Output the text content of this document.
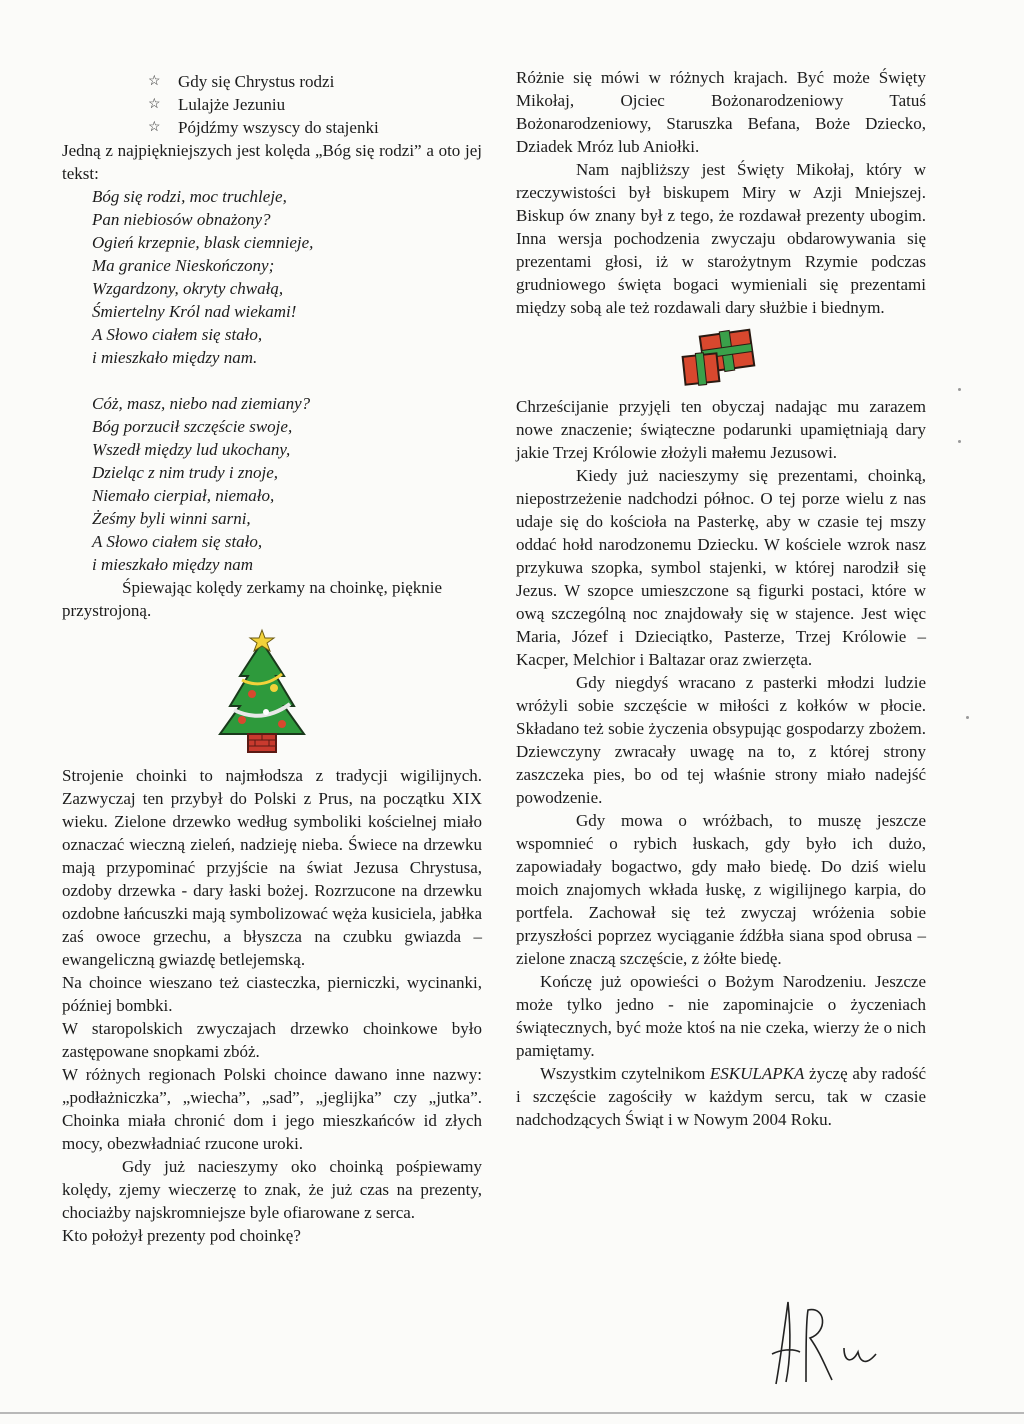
☆ Gdy się Chrystus rodzi
☆ Lulajże Jezuniu
☆ Pójdźmy wszyscy do stajenki

Jedną z najpiękniejszych jest kolęda „Bóg się rodzi” a oto jej tekst:

Bóg się rodzi, moc truchleje,

Pan niebiosów obnażony?

Ogień krzepnie, blask ciemnieje,

Ma granice Nieskończony;

Wzgardzony, okryty chwałą,

Śmiertelny Król nad wiekami!

A Słowo ciałem się stało,

i mieszkało między nam.

Cóż, masz, niebo nad ziemiany?

Bóg porzucił szczęście swoje,

Wszedł między lud ukochany,

Dzieląc z nim trudy i znoje,

Niemało cierpiał, niemało,

Żeśmy byli winni sarni,

A Słowo ciałem się stało,

i mieszkało między nam

Śpiewając kolędy zerkamy na choinkę, pięknie przystrojoną.

Strojenie choinki to najmłodsza z tradycji wigilijnych. Zazwyczaj ten przybył do Polski z Prus, na początku XIX wieku. Zielone drzewko według symboliki kościelnej miało oznaczać wieczną zieleń, nadzieję nieba. Świece na drzewku mają przypominać przyjście na świat Jezusa Chrystusa, ozdoby drzewka - dary łaski bożej. Rozrzucone na drzewku ozdobne łańcuszki mają symbolizować węża kusiciela, jabłka zaś owoce grzechu, a błyszcza na czubku gwiazda – ewangeliczną gwiazdę betlejemską.

Na choince wieszano też ciasteczka, pierniczki, wycinanki, później bombki.

W staropolskich zwyczajach drzewko choinkowe było zastępowane snopkami zbóż.

W różnych regionach Polski choince dawano inne nazwy: „podłażniczka”, „wiecha”, „sad”, „jeglijka” czy „jutka”. Choinka miała chronić dom i jego mieszkańców id złych mocy, obezwładniać rzucone uroki.

Gdy już nacieszymy oko choinką pośpiewamy kolędy, zjemy wieczerzę to znak, że już czas na prezenty, chociażby najskromniejsze byle ofiarowane z serca.

Kto położył prezenty pod choinkę?

Różnie się mówi w różnych krajach. Być może Święty Mikołaj, Ojciec Bożonarodzeniowy Tatuś Bożonarodzeniowy, Staruszka Befana, Boże Dziecko, Dziadek Mróz lub Aniołki.

Nam najbliższy jest Święty Mikołaj, który w rzeczywistości był biskupem Miry w Azji Mniejszej. Biskup ów znany był z tego, że rozdawał prezenty ubogim. Inna wersja pochodzenia zwyczaju obdarowywania się prezentami głosi, iż w starożytnym Rzymie podczas grudniowego święta bogaci wymieniali się prezentami między sobą ale też rozdawali dary służbie i biednym.

Chrześcijanie przyjęli ten obyczaj nadając mu zarazem nowe znaczenie; świąteczne podarunki upamiętniają dary jakie Trzej Królowie złożyli małemu Jezusowi.

Kiedy już nacieszymy się prezentami, choinką, niepostrzeżenie nadchodzi północ. O tej porze wielu z nas udaje się do kościoła na Pasterkę, aby w czasie tej mszy oddać hołd narodzonemu Dziecku. W kościele wzrok nasz przykuwa szopka, symbol stajenki, w której narodził się Jezus. W szopce umieszczone są figurki postaci, które w ową szczególną noc znajdowały się w stajence. Jest więc Maria, Józef i Dzieciątko, Pasterze, Trzej Królowie – Kacper, Melchior i Baltazar oraz zwierzęta.

Gdy niegdyś wracano z pasterki młodzi ludzie wróżyli sobie szczęście w miłości z kołków w płocie. Składano też sobie życzenia obsypując gospodarzy zbożem. Dziewczyny zwracały uwagę na to, z której strony zaszczeka pies, bo od tej właśnie strony miało nadejść powodzenie.

Gdy mowa o wróżbach, to muszę jeszcze wspomnieć o rybich łuskach, gdy było ich dużo, zapowiadały bogactwo, gdy mało biedę. Do dziś wielu moich znajomych wkłada łuskę, z wigilijnego karpia, do portfela. Zachował się też zwyczaj wróżenia sobie przyszłości poprzez wyciąganie źdźbła siana spod obrusa – zielone znaczą szczęście, z żółte biedę.

Kończę już opowieści o Bożym Narodzeniu. Jeszcze może tylko jedno - nie zapominajcie o życzeniach świątecznych, być może ktoś na nie czeka, wierzy że o nich pamiętamy.

Wszystkim czytelnikom ESKULAPKA życzę aby radość i szczęście zagościły w każdym sercu, tak w czasie nadchodzących Świąt i w Nowym 2004 Roku.
